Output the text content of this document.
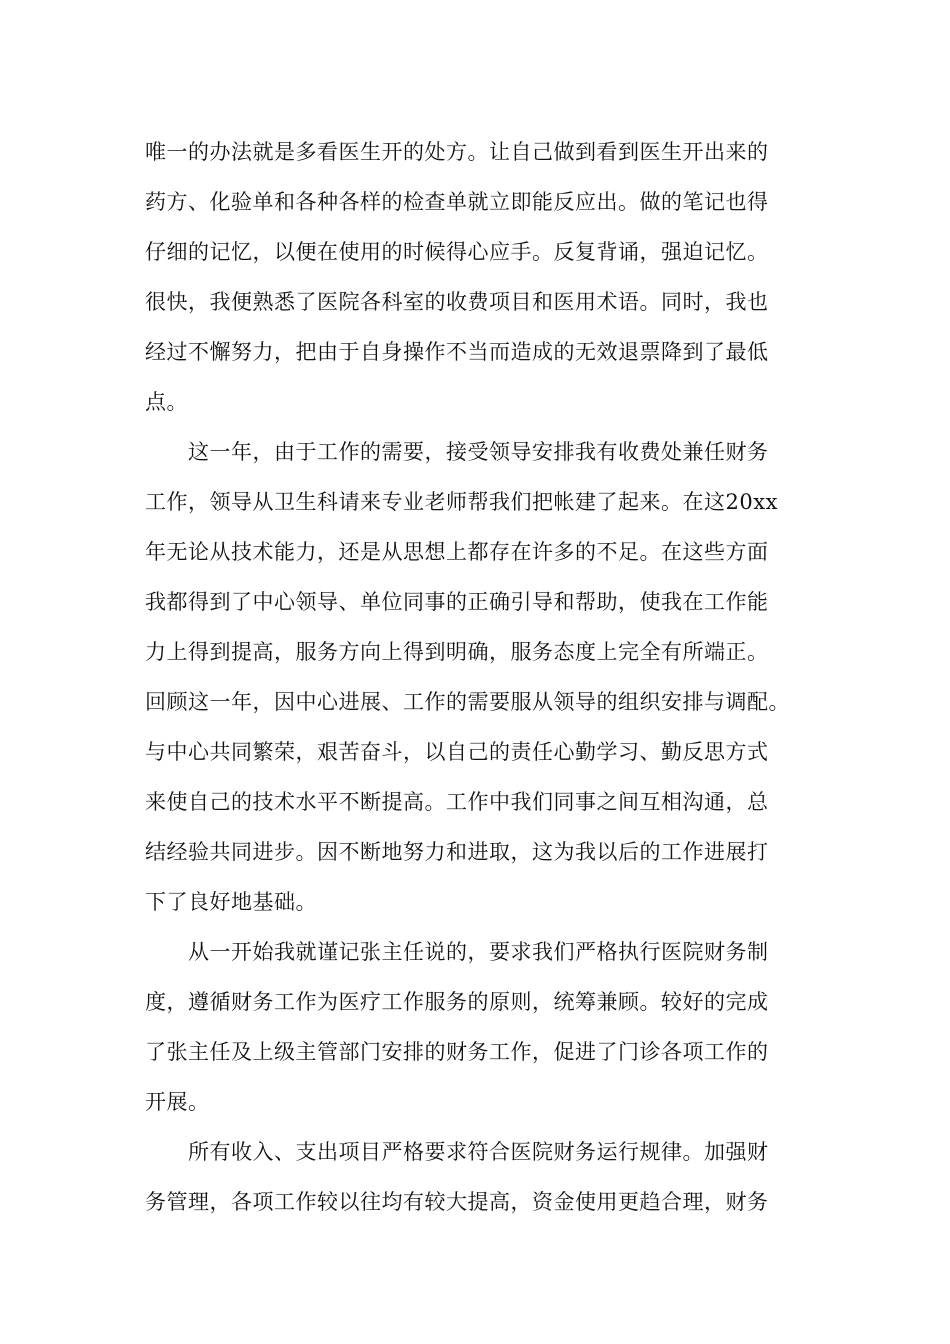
唯一的办法就是多看医生开的处方。让自己做到看到医生开出来的
药方、化验单和各种各样的检查单就立即能反应出。做的笔记也得
仔细的记忆，以便在使用的时候得心应手。反复背诵，强迫记忆。
很快，我便熟悉了医院各科室的收费项目和医用术语。同时，我也
经过不懈努力，把由于自身操作不当而造成的无效退票降到了最低
点。
　　这一年，由于工作的需要，接受领导安排我有收费处兼任财务
工作，领导从卫生科请来专业老师帮我们把帐建了起来。在这20xx
年无论从技术能力，还是从思想上都存在许多的不足。在这些方面
我都得到了中心领导、单位同事的正确引导和帮助，使我在工作能
力上得到提高，服务方向上得到明确，服务态度上完全有所端正。
回顾这一年，因中心进展、工作的需要服从领导的组织安排与调配。
与中心共同繁荣，艰苦奋斗，以自己的责任心勤学习、勤反思方式
来使自己的技术水平不断提高。工作中我们同事之间互相沟通，总
结经验共同进步。因不断地努力和进取，这为我以后的工作进展打
下了良好地基础。
　　从一开始我就谨记张主任说的，要求我们严格执行医院财务制
度，遵循财务工作为医疗工作服务的原则，统筹兼顾。较好的完成
了张主任及上级主管部门安排的财务工作，促进了门诊各项工作的
开展。
　　所有收入、支出项目严格要求符合医院财务运行规律。加强财
务管理，各项工作较以往均有较大提高，资金使用更趋合理，财务
